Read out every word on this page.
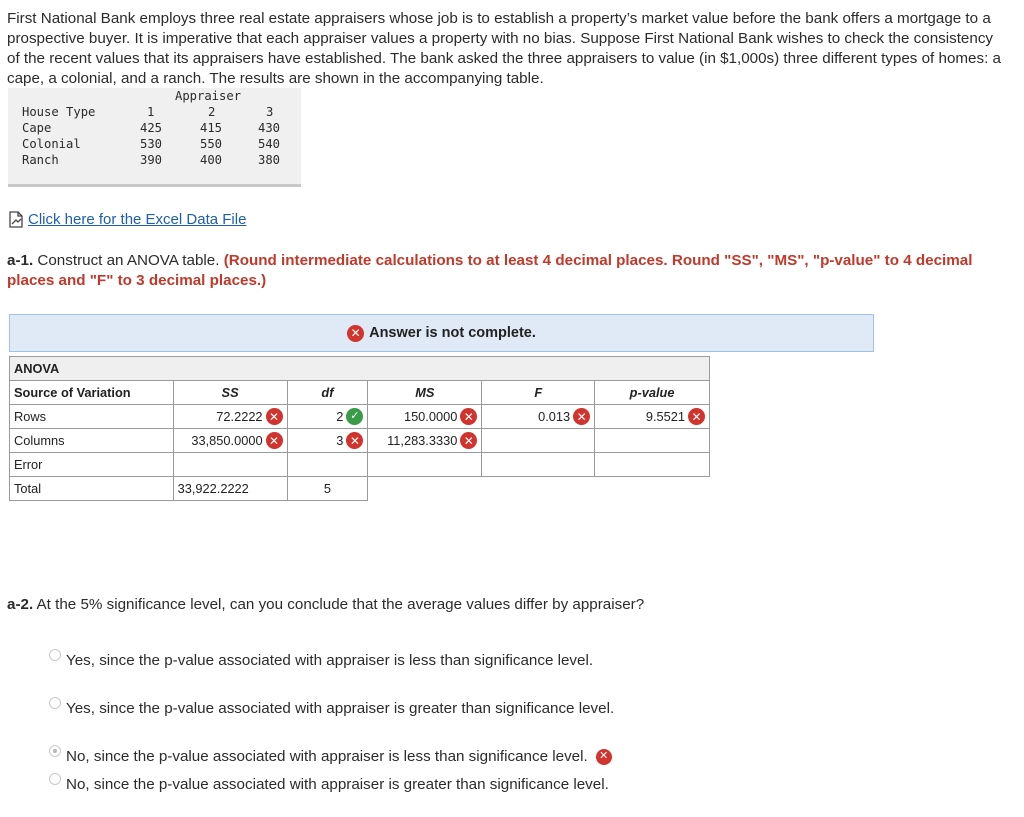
First National Bank employs three real estate appraisers whose job is to establish a property’s market value before the bank offers a mortgage to a prospective buyer. It is imperative that each appraiser values a property with no bias. Suppose First National Bank wishes to check the consistency of the recent values that its appraisers have established. The bank asked the three appraisers to value (in $1,000s) three different types of homes: a cape, a colonial, and a ranch. The results are shown in the accompanying table.
Appraiser
House Type	1	2	3
Cape	425	415	430
Colonial	530	550	540
Ranch	390	400	380
Click here for the Excel Data File
a-1. Construct an ANOVA table. (Round intermediate calculations to at least 4 decimal places. Round "SS", "MS", "p-value" to 4 decimal places and "F" to 3 decimal places.)
✕ Answer is not complete.
ANOVA					
Source of Variation	SS	df	MS	F	p-value
Rows	72.2222 ✕	2 ✓	150.0000 ✕	0.013 ✕	9.5521 ✕

Columns	33,850.0000 ✕	3 ✕	11,283.3330 ✕		

Error					
Total	33,922.2222	5			
a-2. At the 5% significance level, can you conclude that the average values differ by appraiser?
Yes, since the p-value associated with appraiser is less than significance level.
Yes, since the p-value associated with appraiser is greater than significance level.
No, since the p-value associated with appraiser is less than significance level.	✕
No, since the p-value associated with appraiser is greater than significance level.
